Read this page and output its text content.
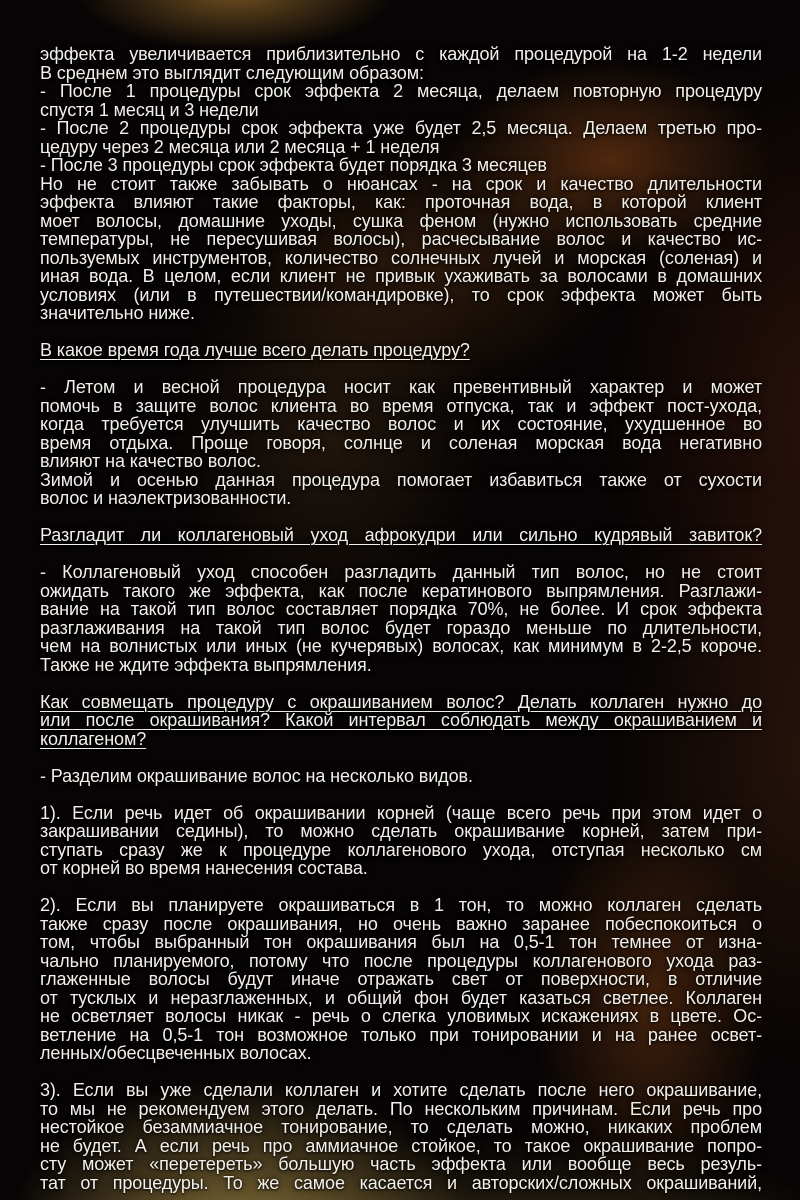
эффекта увеличивается приблизительно с каждой процедурой на 1-2 недели
В среднем это выглядит следующим образом:
- После 1 процедуры срок эффекта 2 месяца, делаем повторную процедуру
спустя 1 месяц и 3 недели
- После 2 процедуры срок эффекта уже будет 2,5 месяца. Делаем третью про-
цедуру через 2 месяца или 2 месяца + 1 неделя
- После 3 процедуры срок эффекта будет порядка 3 месяцев
Но не стоит также забывать о нюансах - на срок и качество длительности
эффекта влияют такие факторы, как: проточная вода, в которой клиент
моет волосы, домашние уходы, сушка феном (нужно использовать средние
температуры, не пересушивая волосы), расчесывание волос и качество ис-
пользуемых инструментов, количество солнечных лучей и морская (соленая) и
иная вода. В целом, если клиент не привык ухаживать за волосами в домашних
условиях (или в путешествии/командировке), то срок эффекта может быть
значительно ниже.
В какое время года лучше всего делать процедуру?
- Летом и весной процедура носит как превентивный характер и может
помочь в защите волос клиента во время отпуска, так и эффект пост-ухода,
когда требуется улучшить качество волос и их состояние, ухудшенное во
время отдыха. Проще говоря, солнце и соленая морская вода негативно
влияют на качество волос.
Зимой и осенью данная процедура помогает избавиться также от сухости
волос и наэлектризованности.
Разгладит ли коллагеновый уход афрокудри или сильно кудрявый завиток?
- Коллагеновый уход способен разгладить данный тип волос, но не стоит
ожидать такого же эффекта, как после кератинового выпрямления. Разглажи-
вание на такой тип волос составляет порядка 70%, не более. И срок эффекта
разглаживания на такой тип волос будет гораздо меньше по длительности,
чем на волнистых или иных (не кучерявых) волосах, как минимум в 2-2,5 короче.
Также не ждите эффекта выпрямления.
Как совмещать процедуру с окрашиванием волос? Делать коллаген нужно до
или после окрашивания? Какой интервал соблюдать между окрашиванием и
коллагеном?
- Разделим окрашивание волос на несколько видов.
1). Если речь идет об окрашивании корней (чаще всего речь при этом идет о
закрашивании седины), то можно сделать окрашивание корней, затем при-
ступать сразу же к процедуре коллагенового ухода, отступая несколько см
от корней во время нанесения состава.
2). Если вы планируете окрашиваться в 1 тон, то можно коллаген сделать
также сразу после окрашивания, но очень важно заранее побеспокоиться о
том, чтобы выбранный тон окрашивания был на 0,5-1 тон темнее от изна-
чально планируемого, потому что после процедуры коллагенового ухода раз-
глаженные волосы будут иначе отражать свет от поверхности, в отличие
от тусклых и неразглаженных, и общий фон будет казаться светлее. Коллаген
не осветляет волосы никак - речь о слегка уловимых искажениях в цвете. Ос-
ветление на 0,5-1 тон возможное только при тонировании и на ранее освет-
ленных/обесцвеченных волосах.
3). Если вы уже сделали коллаген и хотите сделать после него окрашивание,
то мы не рекомендуем этого делать. По нескольким причинам. Если речь про
нестойкое безаммиачное тонирование, то сделать можно, никаких проблем
не будет. А если речь про аммиачное стойкое, то такое окрашивание попро-
сту может «перетереть» большую часть эффекта или вообще весь резуль-
тат от процедуры. То же самое касается и авторских/сложных окрашиваний,
